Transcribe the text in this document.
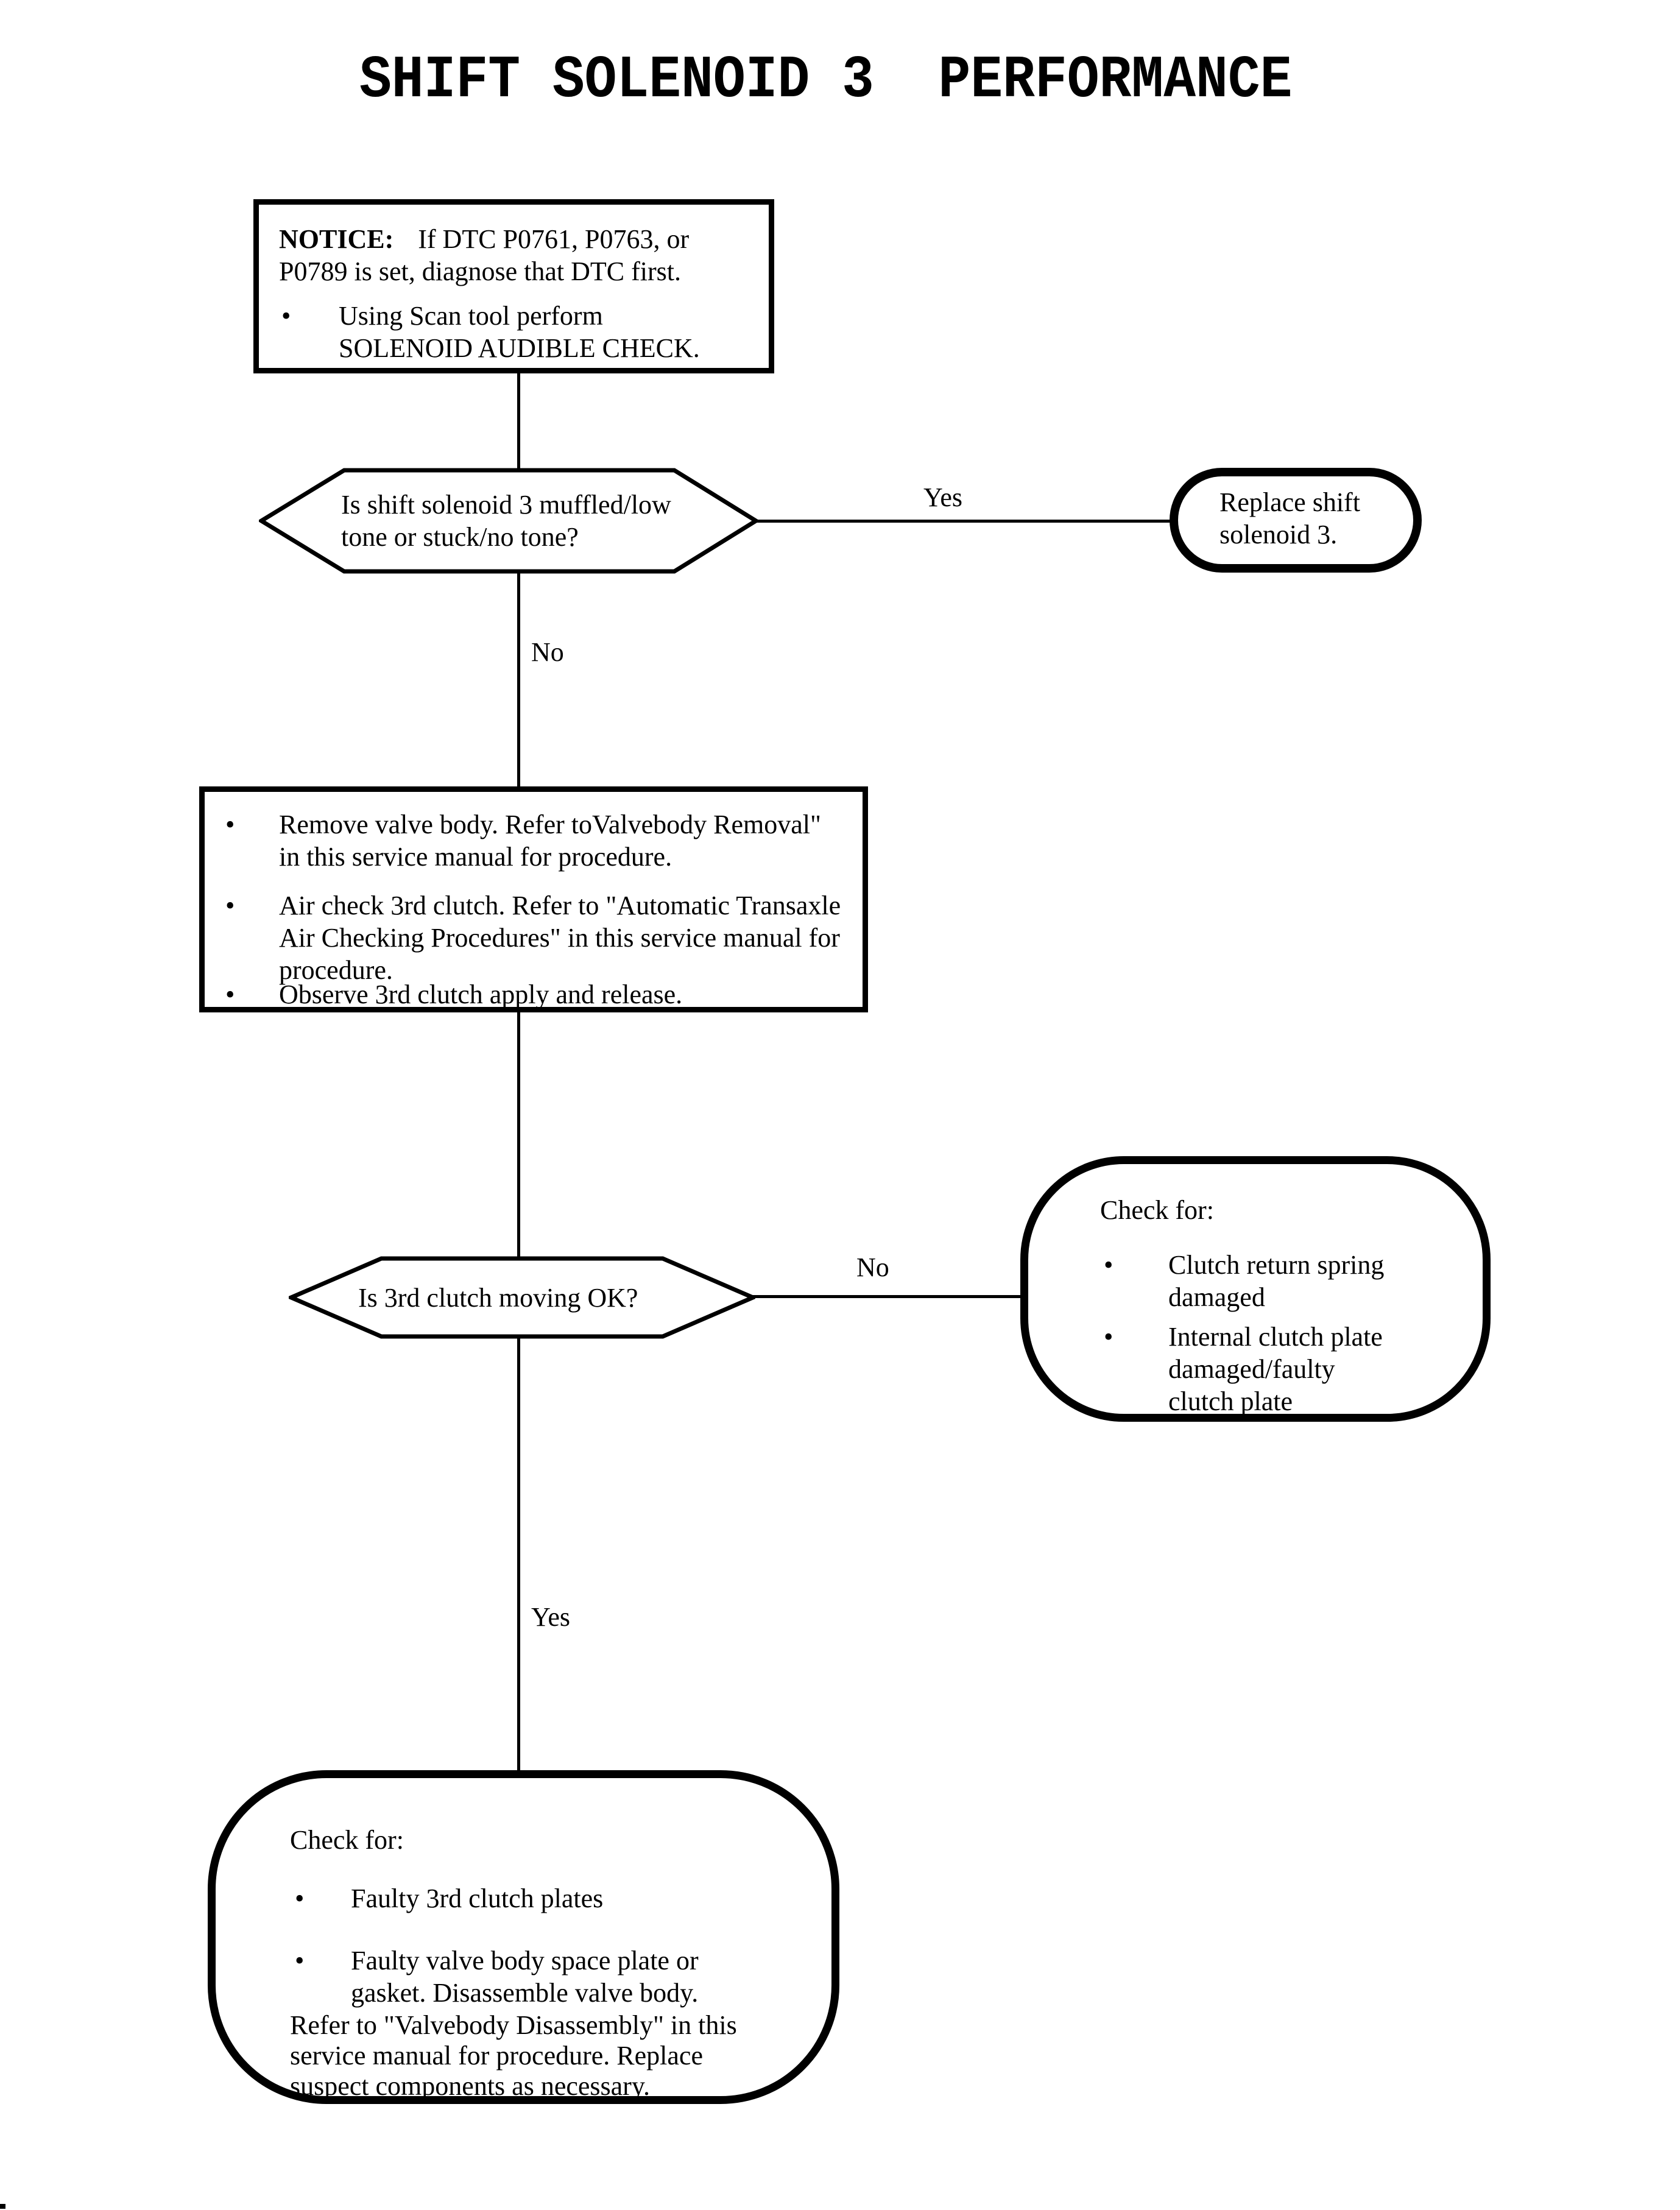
SHIFT SOLENOID 3  PERFORMANCE
NOTICE: If DTC P0761, P0763, or
P0789 is set, diagnose that DTC first.
• Using Scan tool perform
SOLENOID AUDIBLE CHECK.
Is shift solenoid 3 muffled/low
tone or stuck/no tone?
Yes
No
Replace shift
solenoid 3.
• Remove valve body. Refer toValvebody Removal"
in this service manual for procedure.
• Air check 3rd clutch. Refer to "Automatic Transaxle
Air Checking Procedures" in this service manual for
procedure.
• Observe 3rd clutch apply and release.
Is 3rd clutch moving OK?
No
Yes
Check for:
• Clutch return spring
damaged
• Internal clutch plate
damaged/faulty
clutch plate
Check for:
• Faulty 3rd clutch plates
• Faulty valve body space plate or
gasket. Disassemble valve body.
Refer to "Valvebody Disassembly" in this
service manual for procedure. Replace
suspect components as necessary.
